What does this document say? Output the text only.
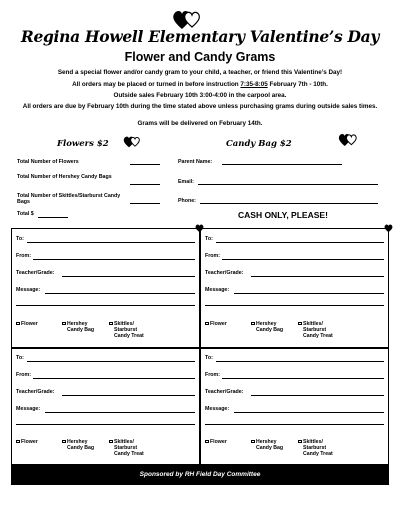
Regina Howell Elementary Valentine’s Day
Flower and Candy Grams
Send a special flower and/or candy gram to your child, a teacher, or friend this Valentine’s Day!
All orders may be placed or turned in before instruction 7:35-8:05 February 7th - 10th.
Outside sales February 10th 3:00-4:00 in the carpool area.
All orders are due by February 10th during the time stated above unless purchasing grams during outside sales times.
Grams will be delivered on February 14th.
Flowers $2	Candy Bag $2
Total Number of Flowers
Total Number of Hershey Candy Bags
Total Number of Skittles/Starburst Candy Bags
Total $
Parent Name:
Email:
Phone:
CASH ONLY, PLEASE!
To:
From:
Teacher/Grade:
Message:
Flower	Hershey
Candy Bag
Skittles/
Starburst
Candy Treat
To:
From:
Teacher/Grade:
Message:
Flower	Hershey
Candy Bag
Skittles/
Starburst
Candy Treat
To:
From:
Teacher/Grade:
Message:
Flower	Hershey
Candy Bag
Skittles/
Starburst
Candy Treat
To:
From:
Teacher/Grade:
Message:
Flower	Hershey
Candy Bag
Skittles/
Starburst
Candy Treat
Sponsored by RH Field Day Committee
